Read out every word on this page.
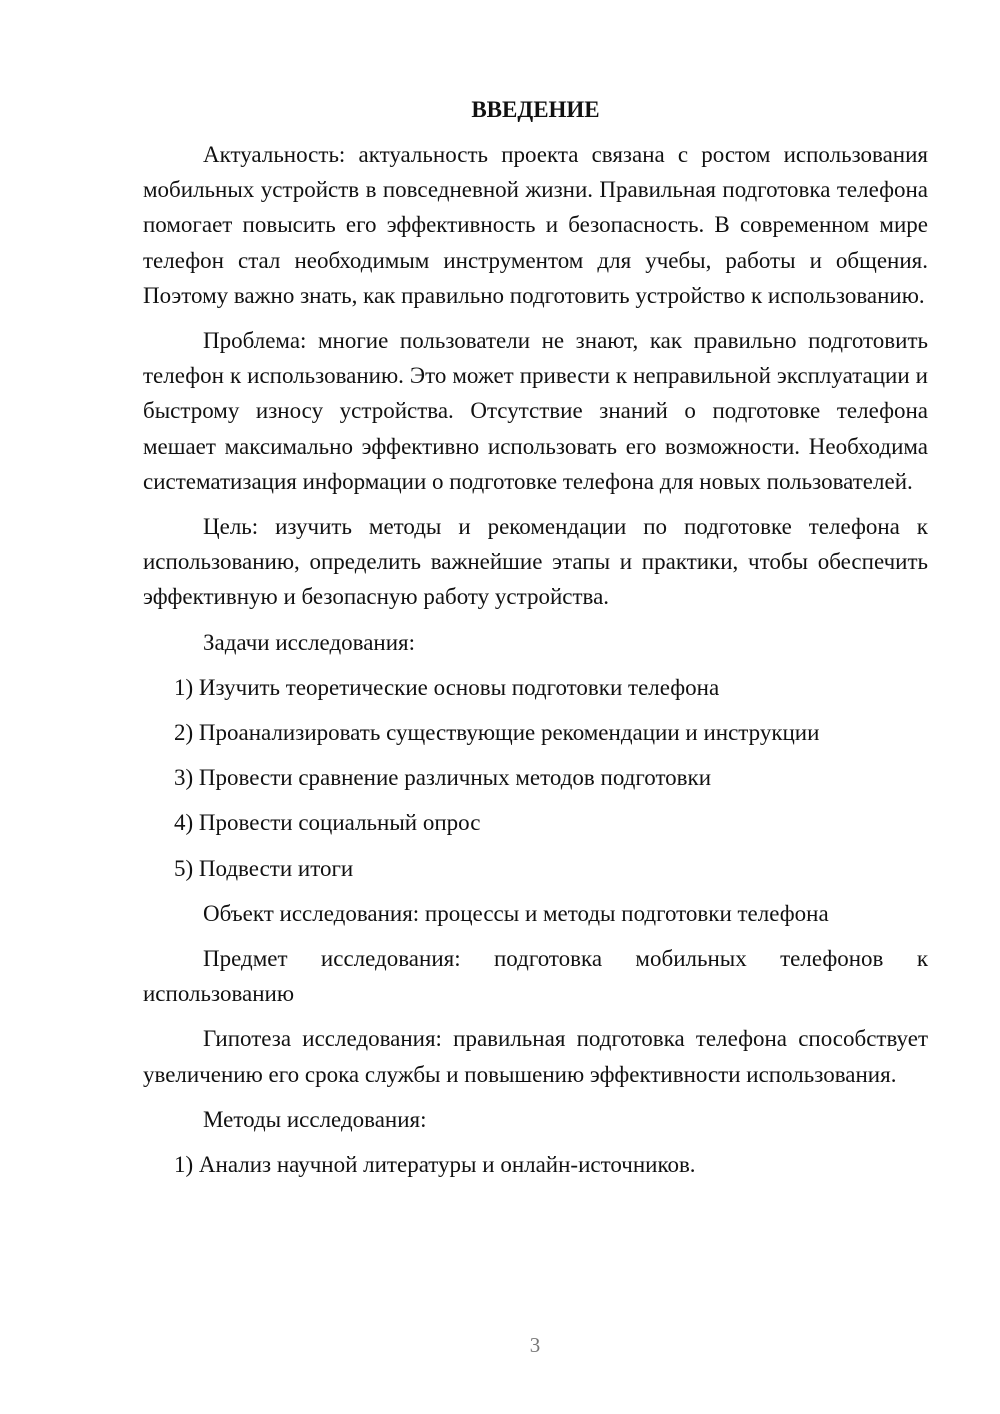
ВВЕДЕНИЕ

Актуальность: актуальность проекта связана с ростом использования мобильных устройств в повседневной жизни. Правильная подготовка телефона помогает повысить его эффективность и безопасность. В современном мире телефон стал необходимым инструментом для учебы, работы и общения. Поэтому важно знать, как правильно подготовить устройство к использованию.

Проблема: многие пользователи не знают, как правильно подготовить телефон к использованию. Это может привести к неправильной эксплуатации и быстрому износу устройства. Отсутствие знаний о подготовке телефона мешает максимально эффективно использовать его возможности. Необходима систематизация информации о подготовке телефона для новых пользователей.

Цель: изучить методы и рекомендации по подготовке телефона к использованию, определить важнейшие этапы и практики, чтобы обеспечить эффективную и безопасную работу устройства.

Задачи исследования:

1) Изучить теоретические основы подготовки телефона

2) Проанализировать существующие рекомендации и инструкции

3) Провести сравнение различных методов подготовки

4) Провести социальный опрос

5) Подвести итоги

Объект исследования: процессы и методы подготовки телефона

Предмет исследования: подготовка мобильных телефонов к использованию

Гипотеза исследования: правильная подготовка телефона способствует увеличению его срока службы и повышению эффективности использования.

Методы исследования:

1) Анализ научной литературы и онлайн-источников.

3
